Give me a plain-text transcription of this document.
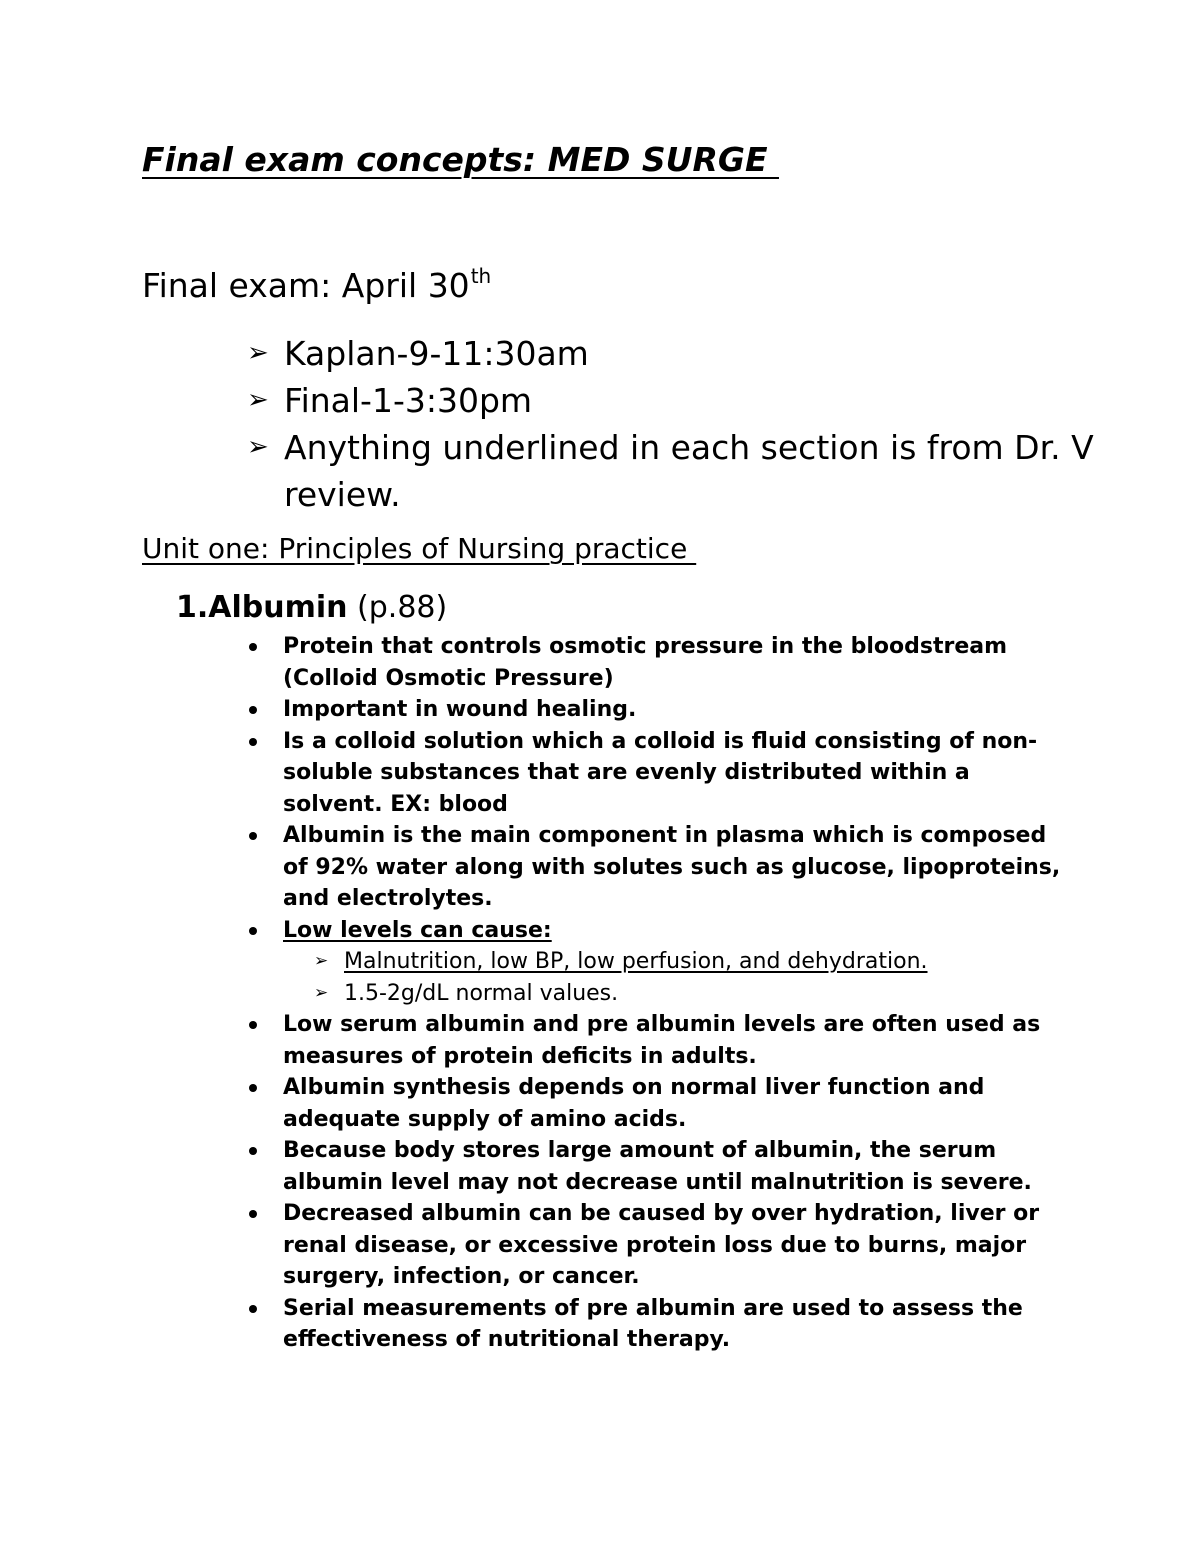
Final exam concepts: MED SURGE
Final exam: April 30th
➢ Kaplan-9-11:30am
➢ Final-1-3:30pm
➢ Anything underlined in each section is from Dr. V review.
Unit one: Principles of Nursing practice
1.Albumin (p.88)
Protein that controls osmotic pressure in the bloodstream (Colloid Osmotic Pressure)
Important in wound healing.
Is a colloid solution which a colloid is fluid consisting of non-soluble substances that are evenly distributed within a solvent. EX: blood
Albumin is the main component in plasma which is composed of 92% water along with solutes such as glucose, lipoproteins, and electrolytes.
Low levels can cause:
➢ Malnutrition, low BP, low perfusion, and dehydration.
➢ 1.5-2g/dL normal values.
Low serum albumin and pre albumin levels are often used as measures of protein deficits in adults.
Albumin synthesis depends on normal liver function and adequate supply of amino acids.
Because body stores large amount of albumin, the serum albumin level may not decrease until malnutrition is severe.
Decreased albumin can be caused by over hydration, liver or renal disease, or excessive protein loss due to burns, major surgery, infection, or cancer.
Serial measurements of pre albumin are used to assess the effectiveness of nutritional therapy.
